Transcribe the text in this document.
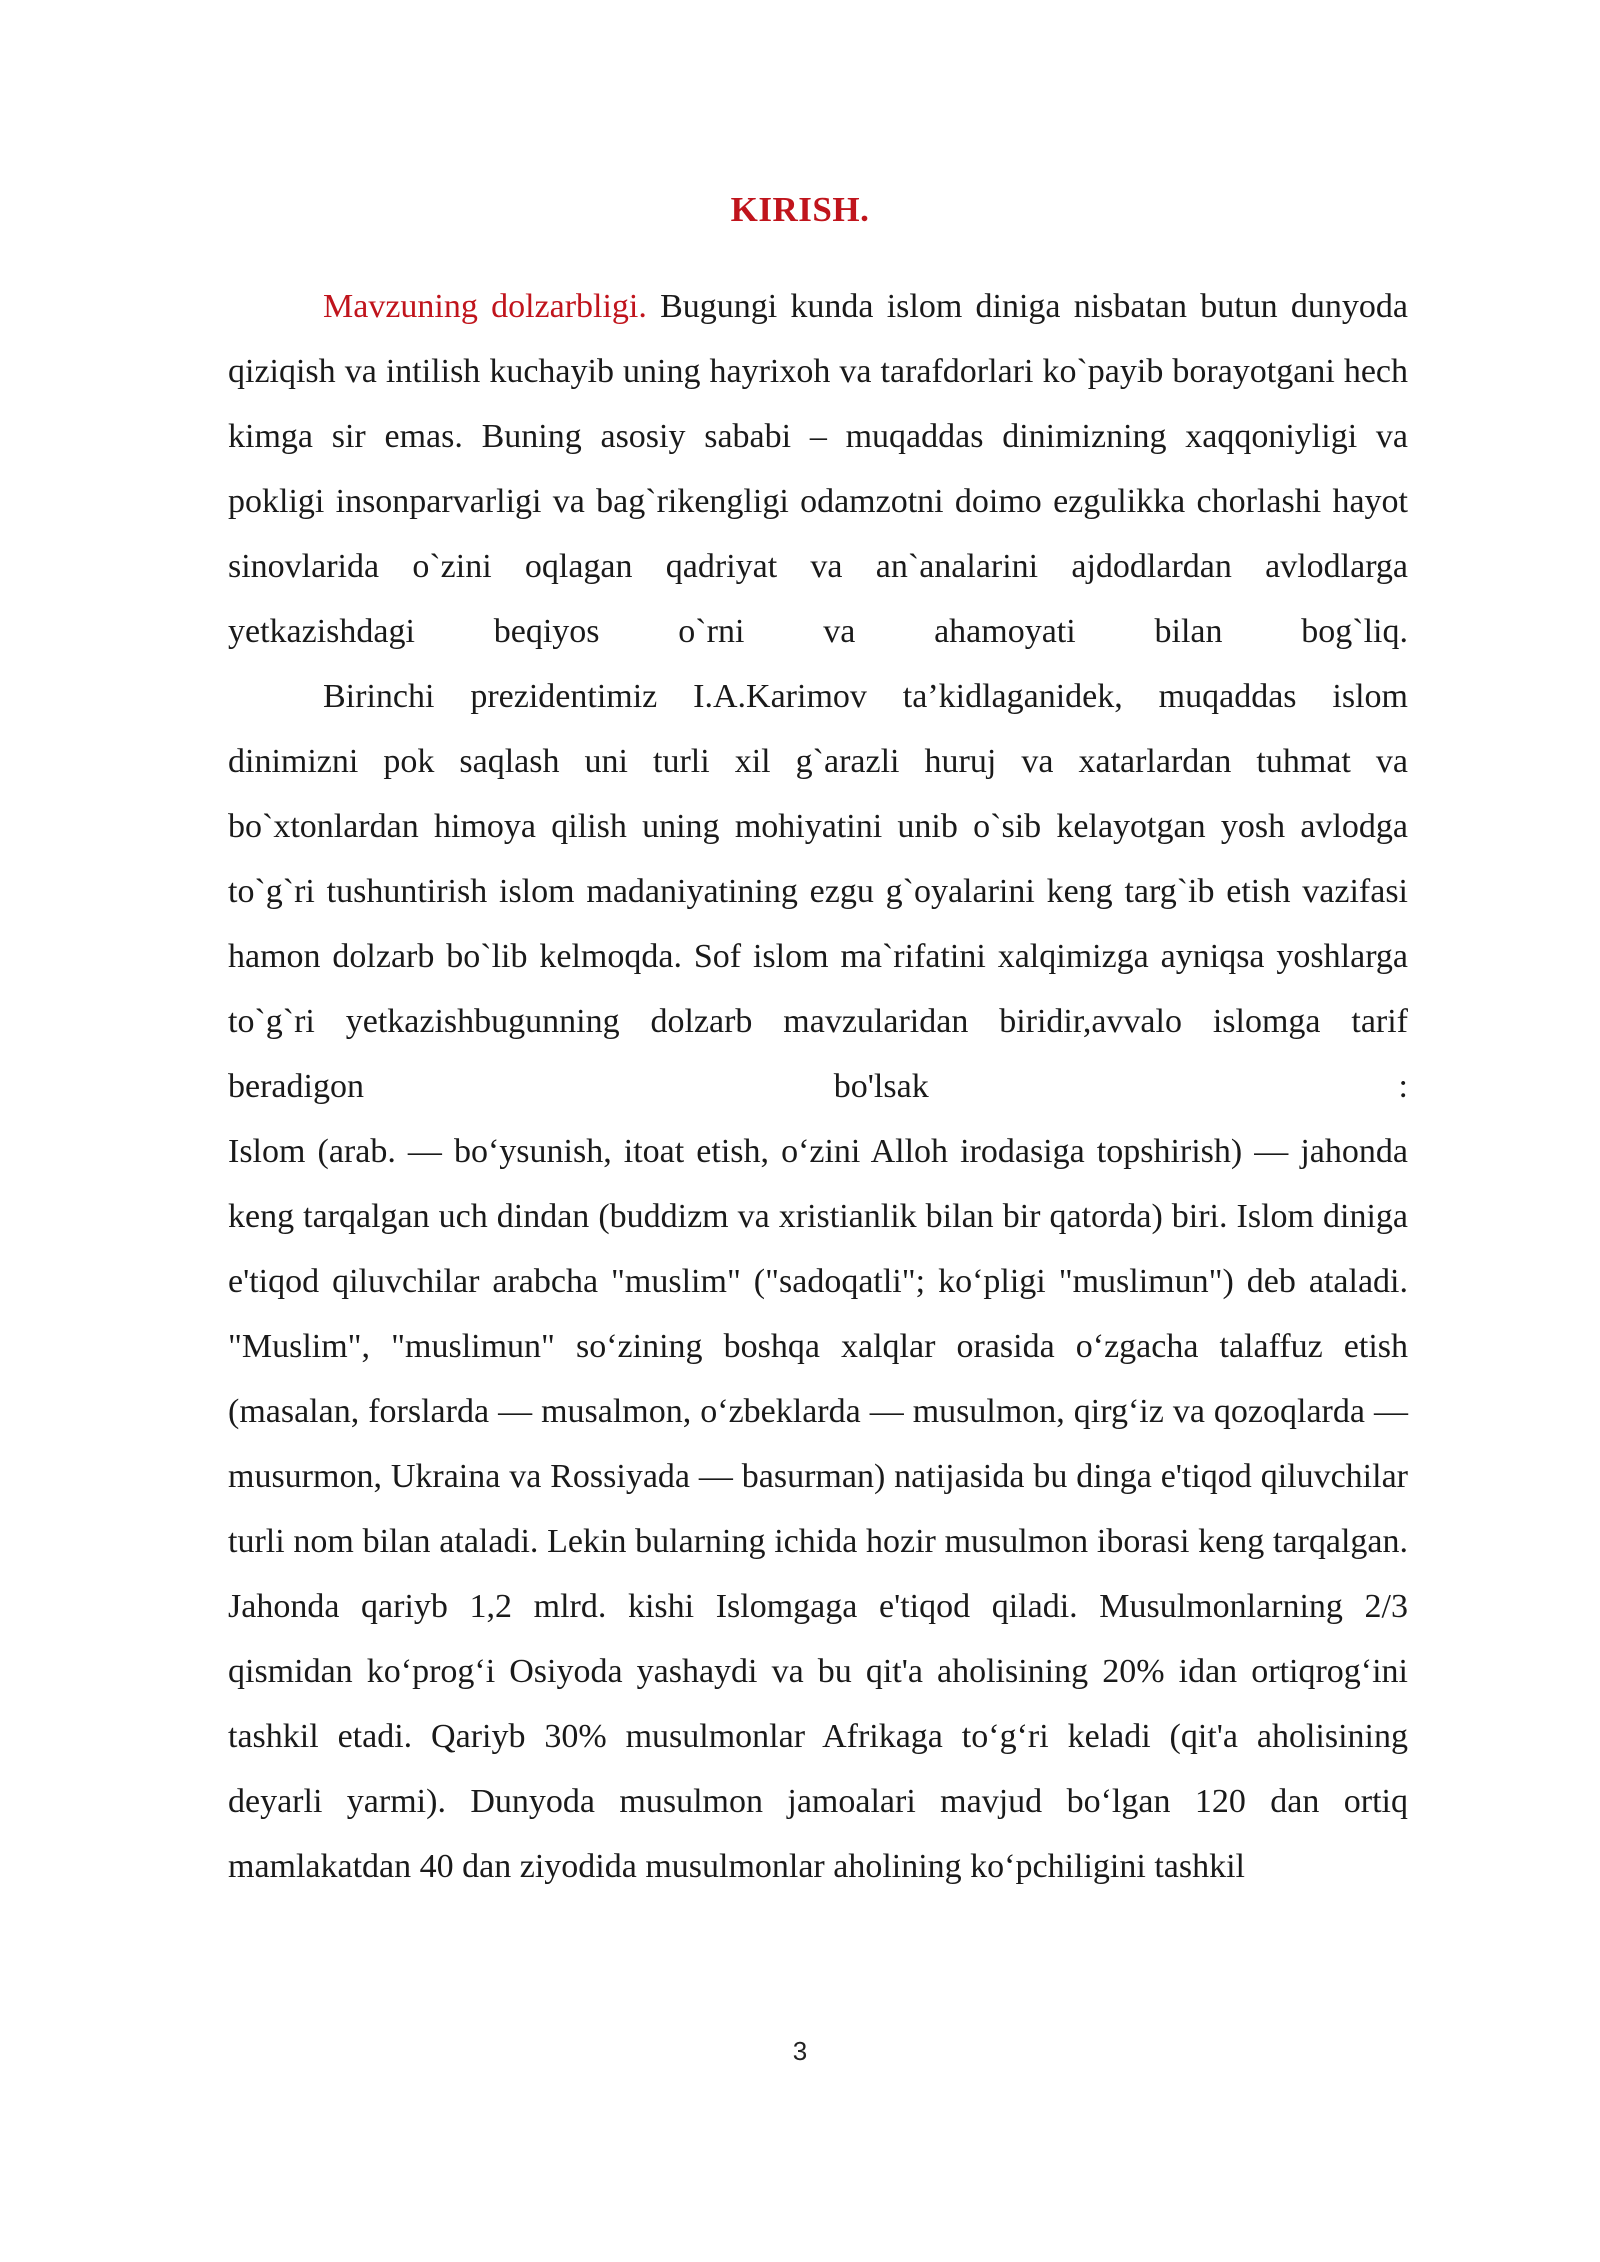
KIRISH.

Mavzuning dolzarbligi. Bugungi kunda islom diniga nisbatan butun dunyoda qiziqish va intilish kuchayib uning hayrixoh va tarafdorlari ko`payib borayotgani hech kimga sir emas. Buning asosiy sababi – muqaddas dinimizning xaqqoniyligi va pokligi insonparvarligi va bag`rikengligi odamzotni doimo ezgulikka chorlashi hayot sinovlarida o`zini oqlagan qadriyat va an`analarini ajdodlardan avlodlarga yetkazishdagi beqiyos o`rni va ahamoyati bilan bog`liq.

Birinchi prezidentimiz I.A.Karimov ta’kidlaganidek, muqaddas islom dinimizni pok saqlash uni turli xil g`arazli huruj va xatarlardan tuhmat va bo`xtonlardan himoya qilish uning mohiyatini unib o`sib kelayotgan yosh avlodga to`g`ri tushuntirish islom madaniyatining ezgu g`oyalarini keng targ`ib etish vazifasi hamon dolzarb bo`lib kelmoqda. Sof islom ma`rifatini xalqimizga ayniqsa yoshlarga to`g`ri yetkazishbugunning dolzarb mavzularidan biridir,avvalo islomga tarif beradigon bo'lsak :

Islom (arab. — boʻysunish, itoat etish, oʻzini Alloh irodasiga topshirish) — jahonda keng tarqalgan uch dindan (buddizm va xristianlik bilan bir qatorda) biri. Islom diniga e'tiqod qiluvchilar arabcha "muslim" ("sadoqatli"; koʻpligi "muslimun") deb ataladi. "Muslim", "muslimun" soʻzining boshqa xalqlar orasida oʻzgacha talaffuz etish (masalan, forslarda — musalmon, oʻzbeklarda — musulmon, qirgʻiz va qozoqlarda — musurmon, Ukraina va Rossiyada — basurman) natijasida bu dinga e'tiqod qiluvchilar turli nom bilan ataladi. Lekin bularning ichida hozir musulmon iborasi keng tarqalgan. Jahonda qariyb 1,2 mlrd. kishi Islomgaga e'tiqod qiladi. Musulmonlarning 2/3 qismidan koʻprogʻi Osiyoda yashaydi va bu qit'a aholisining 20% idan ortiqrogʻini tashkil etadi. Qariyb 30% musulmonlar Afrikaga toʻgʻri keladi (qit'a aholisining deyarli yarmi). Dunyoda musulmon jamoalari mavjud boʻlgan 120 dan ortiq mamlakatdan 40 dan ziyodida musulmonlar aholining koʻpchiligini tashkil

3
